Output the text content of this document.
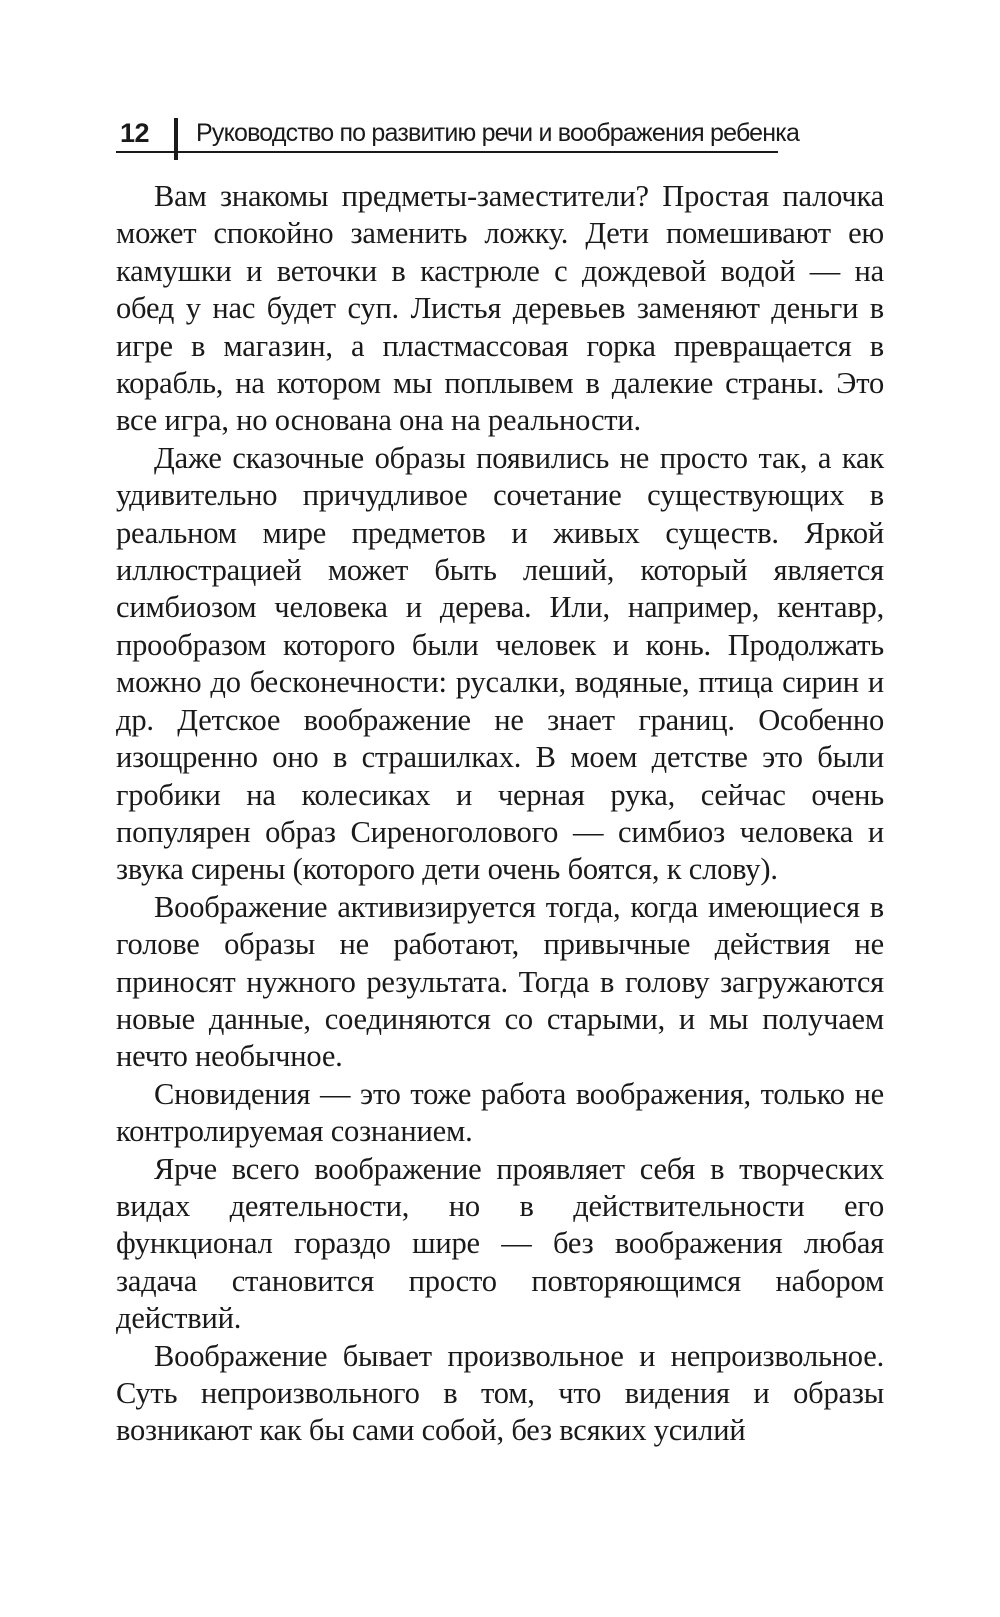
12 Руководство по развитию речи и воображения ребенка

Вам знакомы предметы-заместители? Простая палочка может спокойно заменить ложку. Дети помешивают ею камушки и веточки в кастрюле с дождевой водой — на обед у нас будет суп. Листья деревьев заменяют деньги в игре в магазин, а пластмассовая горка превращается в корабль, на котором мы поплывем в далекие страны. Это все игра, но основана она на реальности.

Даже сказочные образы появились не просто так, а как удивительно причудливое сочетание существующих в реальном мире предметов и живых существ. Яркой иллюстрацией может быть леший, который является симбиозом человека и дерева. Или, например, кентавр, прообразом которого были человек и конь. Продолжать можно до бесконечности: русалки, водяные, птица сирин и др. Детское воображение не знает границ. Особенно изощренно оно в страшилках. В моем детстве это были гробики на колесиках и черная рука, сейчас очень популярен образ Сиреноголового — симбиоз человека и звука сирены (которого дети очень боятся, к слову).

Воображение активизируется тогда, когда имеющиеся в голове образы не работают, привычные действия не приносят нужного результата. Тогда в голову загружаются новые данные, соединяются со старыми, и мы получаем нечто необычное.

Сновидения — это тоже работа воображения, только не контролируемая сознанием.

Ярче всего воображение проявляет себя в творческих видах деятельности, но в действительности его функционал гораздо шире — без воображения любая задача становится просто повторяющимся набором действий.

Воображение бывает произвольное и непроизвольное. Суть непроизвольного в том, что видения и образы возникают как бы сами собой, без всяких усилий
